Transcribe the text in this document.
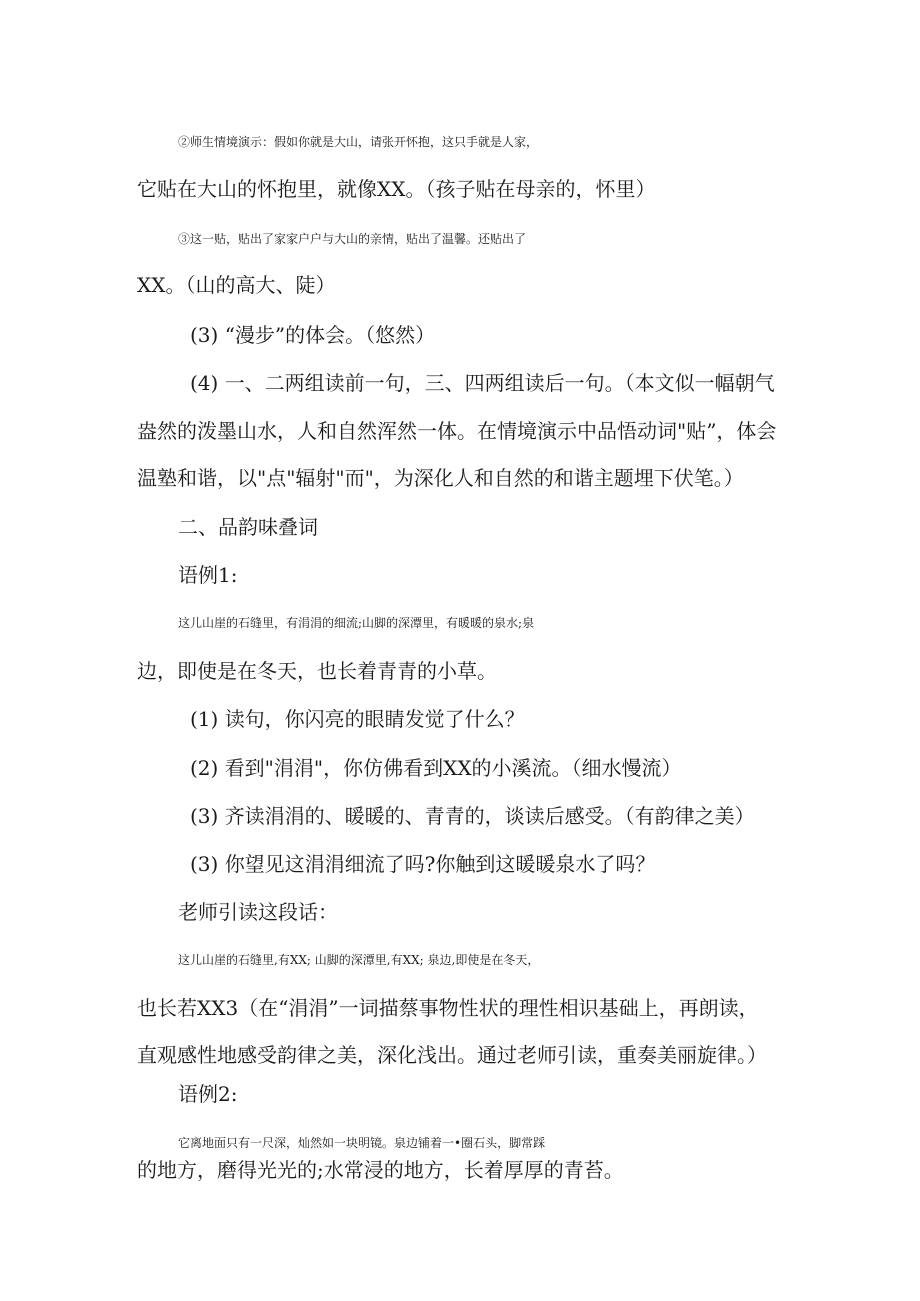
②师生情境演示：假如你就是大山，请张开怀抱，这只手就是人家，
它贴在大山的怀抱里，就像XX。（孩子贴在母亲的，怀里）
③这一贴，贴出了家家户户与大山的亲情，贴出了温馨。还贴出了
XX。（山的高大、陡）
(3) “漫步”的体会。（悠然）
(4) 一、二两组读前一句，三、四两组读后一句。（本文似一幅朝气
盎然的泼墨山水，人和自然浑然一体。在情境演示中品悟动词"贴”，体会
温塾和谐，以"点"辐射"而"，为深化人和自然的和谐主题埋下伏笔。）
二、品韵味叠词
语例1:
这儿山崖的石缝里，有涓涓的细流;山脚的深潭里，有暖暖的泉水;泉
边，即使是在冬天，也长着青青的小草。
(1) 读句，你闪亮的眼睛发觉了什么？
(2) 看到"涓涓"，你仿佛看到XX的小溪流。（细水慢流）
(3) 齐读涓涓的、暖暖的、青青的，谈读后感受。（有韵律之美）
(3) 你望见这涓涓细流了吗?你触到这暖暖泉水了吗？
老师引读这段话：
这儿山崖的石缝里,有XX; 山脚的深潭里,有XX; 泉边,即使是在冬天，
也长若XX3（在“涓涓”一词描蔡事物性状的理性相识基础上，再朗读，
直观感性地感受韵律之美，深化浅出。通过老师引读，重奏美丽旋律。）
语例2:
它离地面只有一尺深，灿然如一块明镜。泉边铺着一•圈石头，脚常踩
的地方，磨得光光的;水常浸的地方，长着厚厚的青苔。
